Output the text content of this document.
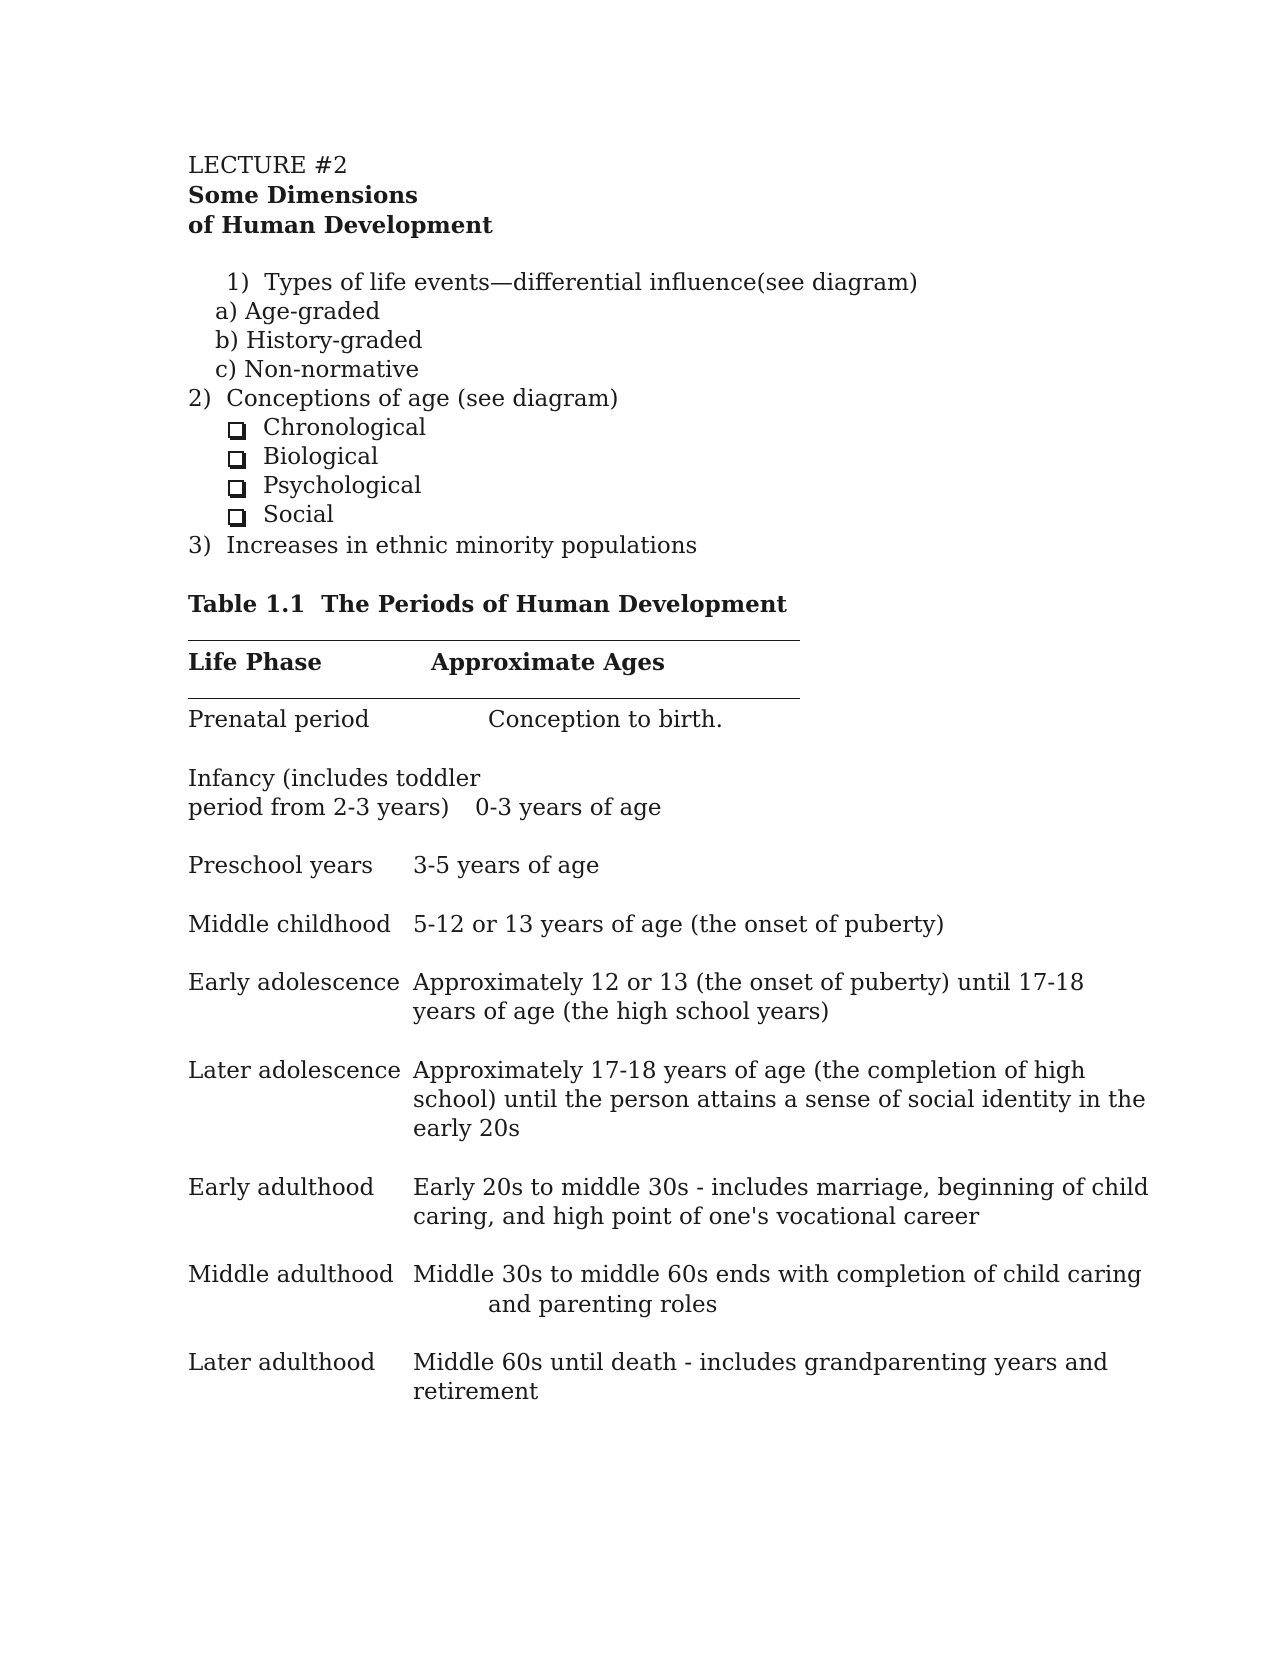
LECTURE #2
Some Dimensions
of Human Development
1)  Types of life events—differential influence(see diagram)
a) Age-graded
b) History-graded
c) Non-normative
2)  Conceptions of age (see diagram)
Chronological
Biological
Psychological
Social
3)  Increases in ethnic minority populations
Table 1.1  The Periods of Human Development
Life Phase	Approximate Ages
Prenatal period	Conception to birth.
Infancy (includes toddler
period from 2-3 years) 0-3 years of age
Preschool years 3-5 years of age
Middle childhood 5-12 or 13 years of age (the onset of puberty)
Early adolescence Approximately 12 or 13 (the onset of puberty) until 17-18
years of age (the high school years)
Later adolescence Approximately 17-18 years of age (the completion of high
school) until the person attains a sense of social identity in the
early 20s
Early adulthood Early 20s to middle 30s - includes marriage, beginning of child
caring, and high point of one's vocational career
Middle adulthood Middle 30s to middle 60s ends with completion of child caring
and parenting roles
Later adulthood Middle 60s until death - includes grandparenting years and
retirement
